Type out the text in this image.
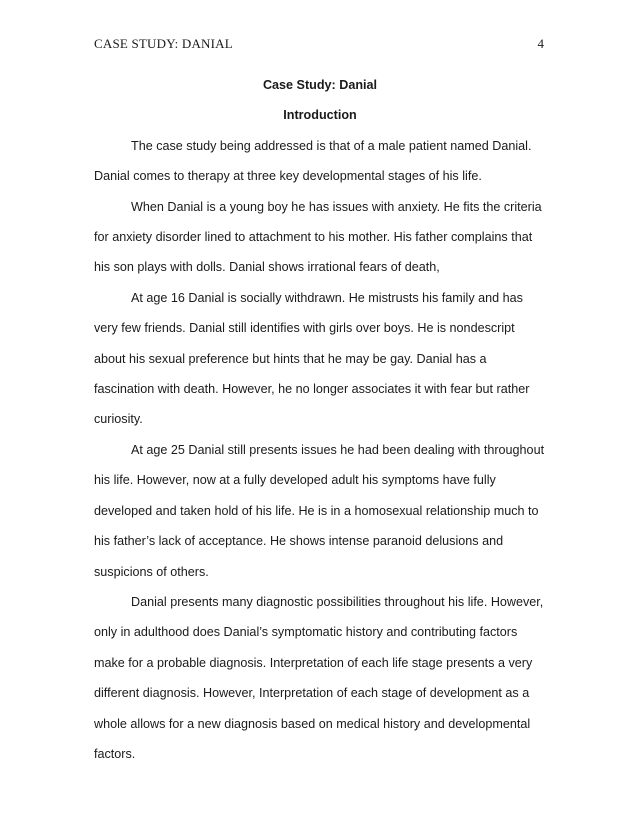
CASE STUDY: DANIAL	4

Case Study: Danial

Introduction

The case study being addressed is that of a male patient named Danial. Danial comes to therapy at three key developmental stages of his life.

When Danial is a young boy he has issues with anxiety. He fits the criteria for anxiety disorder lined to attachment to his mother. His father complains that his son plays with dolls. Danial shows irrational fears of death,

At age 16 Danial is socially withdrawn. He mistrusts his family and has very few friends. Danial still identifies with girls over boys. He is nondescript about his sexual preference but hints that he may be gay. Danial has a fascination with death. However, he no longer associates it with fear but rather curiosity.

At age 25 Danial still presents issues he had been dealing with throughout his life. However, now at a fully developed adult his symptoms have fully developed and taken hold of his life. He is in a homosexual relationship much to his father’s lack of acceptance. He shows intense paranoid delusions and suspicions of others.

Danial presents many diagnostic possibilities throughout his life. However, only in adulthood does Danial’s symptomatic history and contributing factors make for a probable diagnosis. Interpretation of each life stage presents a very different diagnosis. However, Interpretation of each stage of development as a whole allows for a new diagnosis based on medical history and developmental factors.
